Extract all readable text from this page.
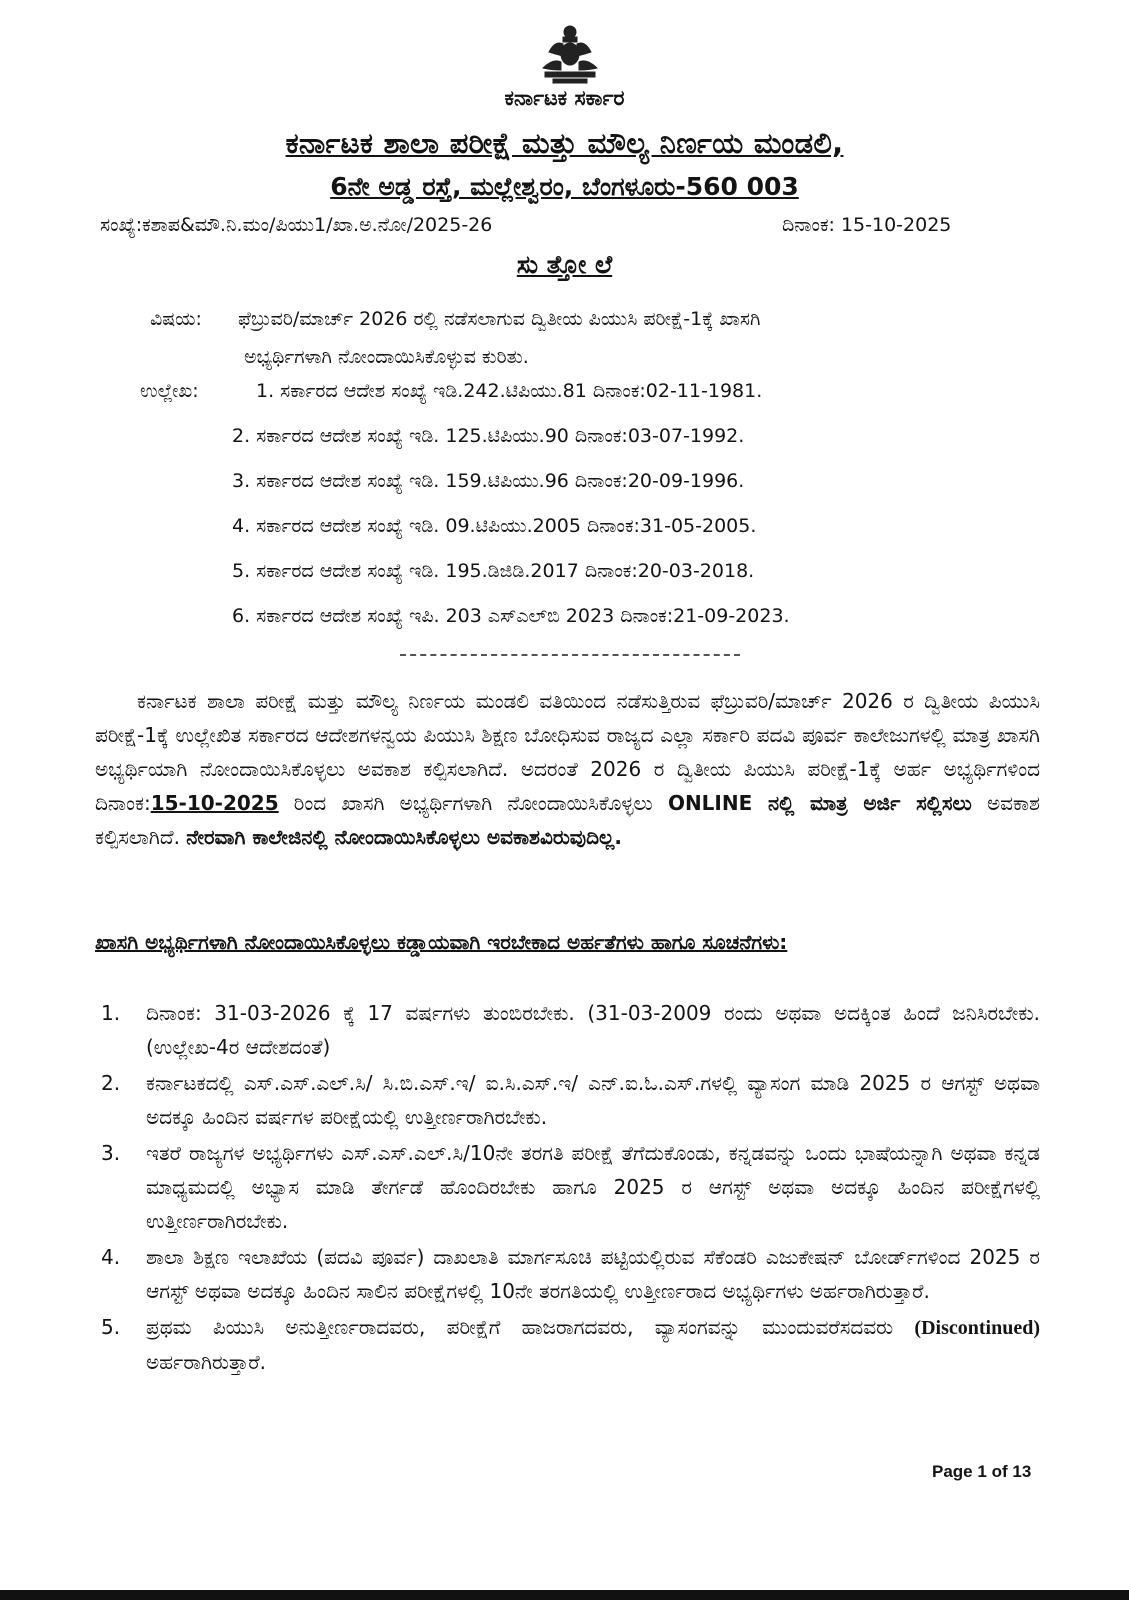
ಕರ್ನಾಟಕ ಸರ್ಕಾರ
ಕರ್ನಾಟಕ ಶಾಲಾ ಪರೀಕ್ಷೆ ಮತ್ತು ಮೌಲ್ಯ ನಿರ್ಣಯ ಮಂಡಲಿ,
6ನೇ ಅಡ್ಡ ರಸ್ತೆ, ಮಲ್ಲೇಶ್ವರಂ, ಬೆಂಗಳೂರು-560 003
ಸಂಖ್ಯೆ:ಕಶಾಪ&ಮೌ.ನಿ.ಮಂ/ಪಿಯು1/ಖಾ.ಅ.ನೋ/2025-26	ದಿನಾಂಕ: 15-10-2025
ಸು ತ್ತೋ ಲೆ
ವಿಷಯ: ಫೆಬ್ರುವರಿ/ಮಾರ್ಚ್ 2026 ರಲ್ಲಿ ನಡೆಸಲಾಗುವ ದ್ವಿತೀಯ ಪಿಯುಸಿ ಪರೀಕ್ಷೆ-1ಕ್ಕೆ ಖಾಸಗಿ
ಅಭ್ಯರ್ಥಿಗಳಾಗಿ ನೋಂದಾಯಿಸಿಕೊಳ್ಳುವ ಕುರಿತು.
ಉಲ್ಲೇಖ:	1. ಸರ್ಕಾರದ ಆದೇಶ ಸಂಖ್ಯೆ ಇಡಿ.242.ಟಿಪಿಯು.81 ದಿನಾಂಕ:02-11-1981.
2. ಸರ್ಕಾರದ ಆದೇಶ ಸಂಖ್ಯೆ ಇಡಿ. 125.ಟಿಪಿಯು.90 ದಿನಾಂಕ:03-07-1992.
3. ಸರ್ಕಾರದ ಆದೇಶ ಸಂಖ್ಯೆ ಇಡಿ. 159.ಟಿಪಿಯು.96 ದಿನಾಂಕ:20-09-1996.
4. ಸರ್ಕಾರದ ಆದೇಶ ಸಂಖ್ಯೆ ಇಡಿ. 09.ಟಿಪಿಯು.2005 ದಿನಾಂಕ:31-05-2005.
5. ಸರ್ಕಾರದ ಆದೇಶ ಸಂಖ್ಯೆ ಇಡಿ. 195.ಡಿಜಿಡಿ.2017 ದಿನಾಂಕ:20-03-2018.
6. ಸರ್ಕಾರದ ಆದೇಶ ಸಂಖ್ಯೆ ಇಪಿ. 203 ಎಸ್ಎಲ್‌ಬಿ 2023 ದಿನಾಂಕ:21-09-2023.
ಕರ್ನಾಟಕ ಶಾಲಾ ಪರೀಕ್ಷೆ ಮತ್ತು ಮೌಲ್ಯ ನಿರ್ಣಯ ಮಂಡಲಿ ವತಿಯಿಂದ ನಡೆಸುತ್ತಿರುವ ಫೆಬ್ರುವರಿ/ಮಾರ್ಚ್ 2026 ರ ದ್ವಿತೀಯ ಪಿಯುಸಿ ಪರೀಕ್ಷೆ-1ಕ್ಕೆ ಉಲ್ಲೇಖಿತ ಸರ್ಕಾರದ ಆದೇಶಗಳನ್ವಯ ಪಿಯುಸಿ ಶಿಕ್ಷಣ ಬೋಧಿಸುವ ರಾಜ್ಯದ ಎಲ್ಲಾ ಸರ್ಕಾರಿ ಪದವಿ ಪೂರ್ವ ಕಾಲೇಜುಗಳಲ್ಲಿ ಮಾತ್ರ ಖಾಸಗಿ ಅಭ್ಯರ್ಥಿಯಾಗಿ ನೋಂದಾಯಿಸಿಕೊಳ್ಳಲು ಅವಕಾಶ ಕಲ್ಪಿಸಲಾಗಿದೆ. ಅದರಂತೆ 2026 ರ ದ್ವಿತೀಯ ಪಿಯುಸಿ ಪರೀಕ್ಷೆ-1ಕ್ಕೆ ಅರ್ಹ ಅಭ್ಯರ್ಥಿಗಳಿಂದ ದಿನಾಂಕ:15-10-2025 ರಿಂದ ಖಾಸಗಿ ಅಭ್ಯರ್ಥಿಗಳಾಗಿ ನೋಂದಾಯಿಸಿಕೊಳ್ಳಲು ONLINE ನಲ್ಲಿ ಮಾತ್ರ ಅರ್ಜಿ ಸಲ್ಲಿಸಲು ಅವಕಾಶ ಕಲ್ಪಿಸಲಾಗಿದೆ. ನೇರವಾಗಿ ಕಾಲೇಜಿನಲ್ಲಿ ನೋಂದಾಯಿಸಿಕೊಳ್ಳಲು ಅವಕಾಶವಿರುವುದಿಲ್ಲ.
ಖಾಸಗಿ ಅಭ್ಯರ್ಥಿಗಳಾಗಿ ನೋಂದಾಯಿಸಿಕೊಳ್ಳಲು ಕಡ್ಡಾಯವಾಗಿ ಇರಬೇಕಾದ ಅರ್ಹತೆಗಳು ಹಾಗೂ ಸೂಚನೆಗಳು:
1.	ದಿನಾಂಕ: 31-03-2026 ಕ್ಕೆ 17 ವರ್ಷಗಳು ತುಂಬಿರಬೇಕು. (31-03-2009 ರಂದು ಅಥವಾ ಅದಕ್ಕಿಂತ ಹಿಂದೆ ಜನಿಸಿರಬೇಕು. (ಉಲ್ಲೇಖ-4ರ ಆದೇಶದಂತೆ)
2.	ಕರ್ನಾಟಕದಲ್ಲಿ ಎಸ್.ಎಸ್.ಎಲ್.ಸಿ/ ಸಿ.ಬಿ.ಎಸ್.ಇ/ ಐ.ಸಿ.ಎಸ್.ಇ/ ಎನ್.ಐ.ಓ.ಎಸ್.ಗಳಲ್ಲಿ ವ್ಯಾಸಂಗ ಮಾಡಿ 2025 ರ ಆಗಸ್ಟ್ ಅಥವಾ ಅದಕ್ಕೂ ಹಿಂದಿನ ವರ್ಷಗಳ ಪರೀಕ್ಷೆಯಲ್ಲಿ ಉತ್ತೀರ್ಣರಾಗಿರಬೇಕು.
3.	ಇತರೆ ರಾಜ್ಯಗಳ ಅಭ್ಯರ್ಥಿಗಳು ಎಸ್.ಎಸ್.ಎಲ್.ಸಿ/10ನೇ ತರಗತಿ ಪರೀಕ್ಷೆ ತೆಗೆದುಕೊಂಡು, ಕನ್ನಡವನ್ನು ಒಂದು ಭಾಷೆಯನ್ನಾಗಿ ಅಥವಾ ಕನ್ನಡ ಮಾಧ್ಯಮದಲ್ಲಿ ಅಭ್ಯಾಸ ಮಾಡಿ ತೇರ್ಗಡೆ ಹೊಂದಿರಬೇಕು ಹಾಗೂ 2025 ರ ಆಗಸ್ಟ್ ಅಥವಾ ಅದಕ್ಕೂ ಹಿಂದಿನ ಪರೀಕ್ಷೆಗಳಲ್ಲಿ ಉತ್ತೀರ್ಣರಾಗಿರಬೇಕು.
4.	ಶಾಲಾ ಶಿಕ್ಷಣ ಇಲಾಖೆಯ (ಪದವಿ ಪೂರ್ವ) ದಾಖಲಾತಿ ಮಾರ್ಗಸೂಚಿ ಪಟ್ಟಿಯಲ್ಲಿರುವ ಸೆಕೆಂಡರಿ ಎಜುಕೇಷನ್ ಬೋರ್ಡ್‌ಗಳಿಂದ 2025 ರ ಆಗಸ್ಟ್ ಅಥವಾ ಅದಕ್ಕೂ ಹಿಂದಿನ ಸಾಲಿನ ಪರೀಕ್ಷೆಗಳಲ್ಲಿ 10ನೇ ತರಗತಿಯಲ್ಲಿ ಉತ್ತೀರ್ಣರಾದ ಅಭ್ಯರ್ಥಿಗಳು ಅರ್ಹರಾಗಿರುತ್ತಾರೆ.
5.	ಪ್ರಥಮ ಪಿಯುಸಿ ಅನುತ್ತೀರ್ಣರಾದವರು, ಪರೀಕ್ಷೆಗೆ ಹಾಜರಾಗದವರು, ವ್ಯಾಸಂಗವನ್ನು ಮುಂದುವರೆಸದವರು (Discontinued) ಅರ್ಹರಾಗಿರುತ್ತಾರೆ.
Page 1 of 13
